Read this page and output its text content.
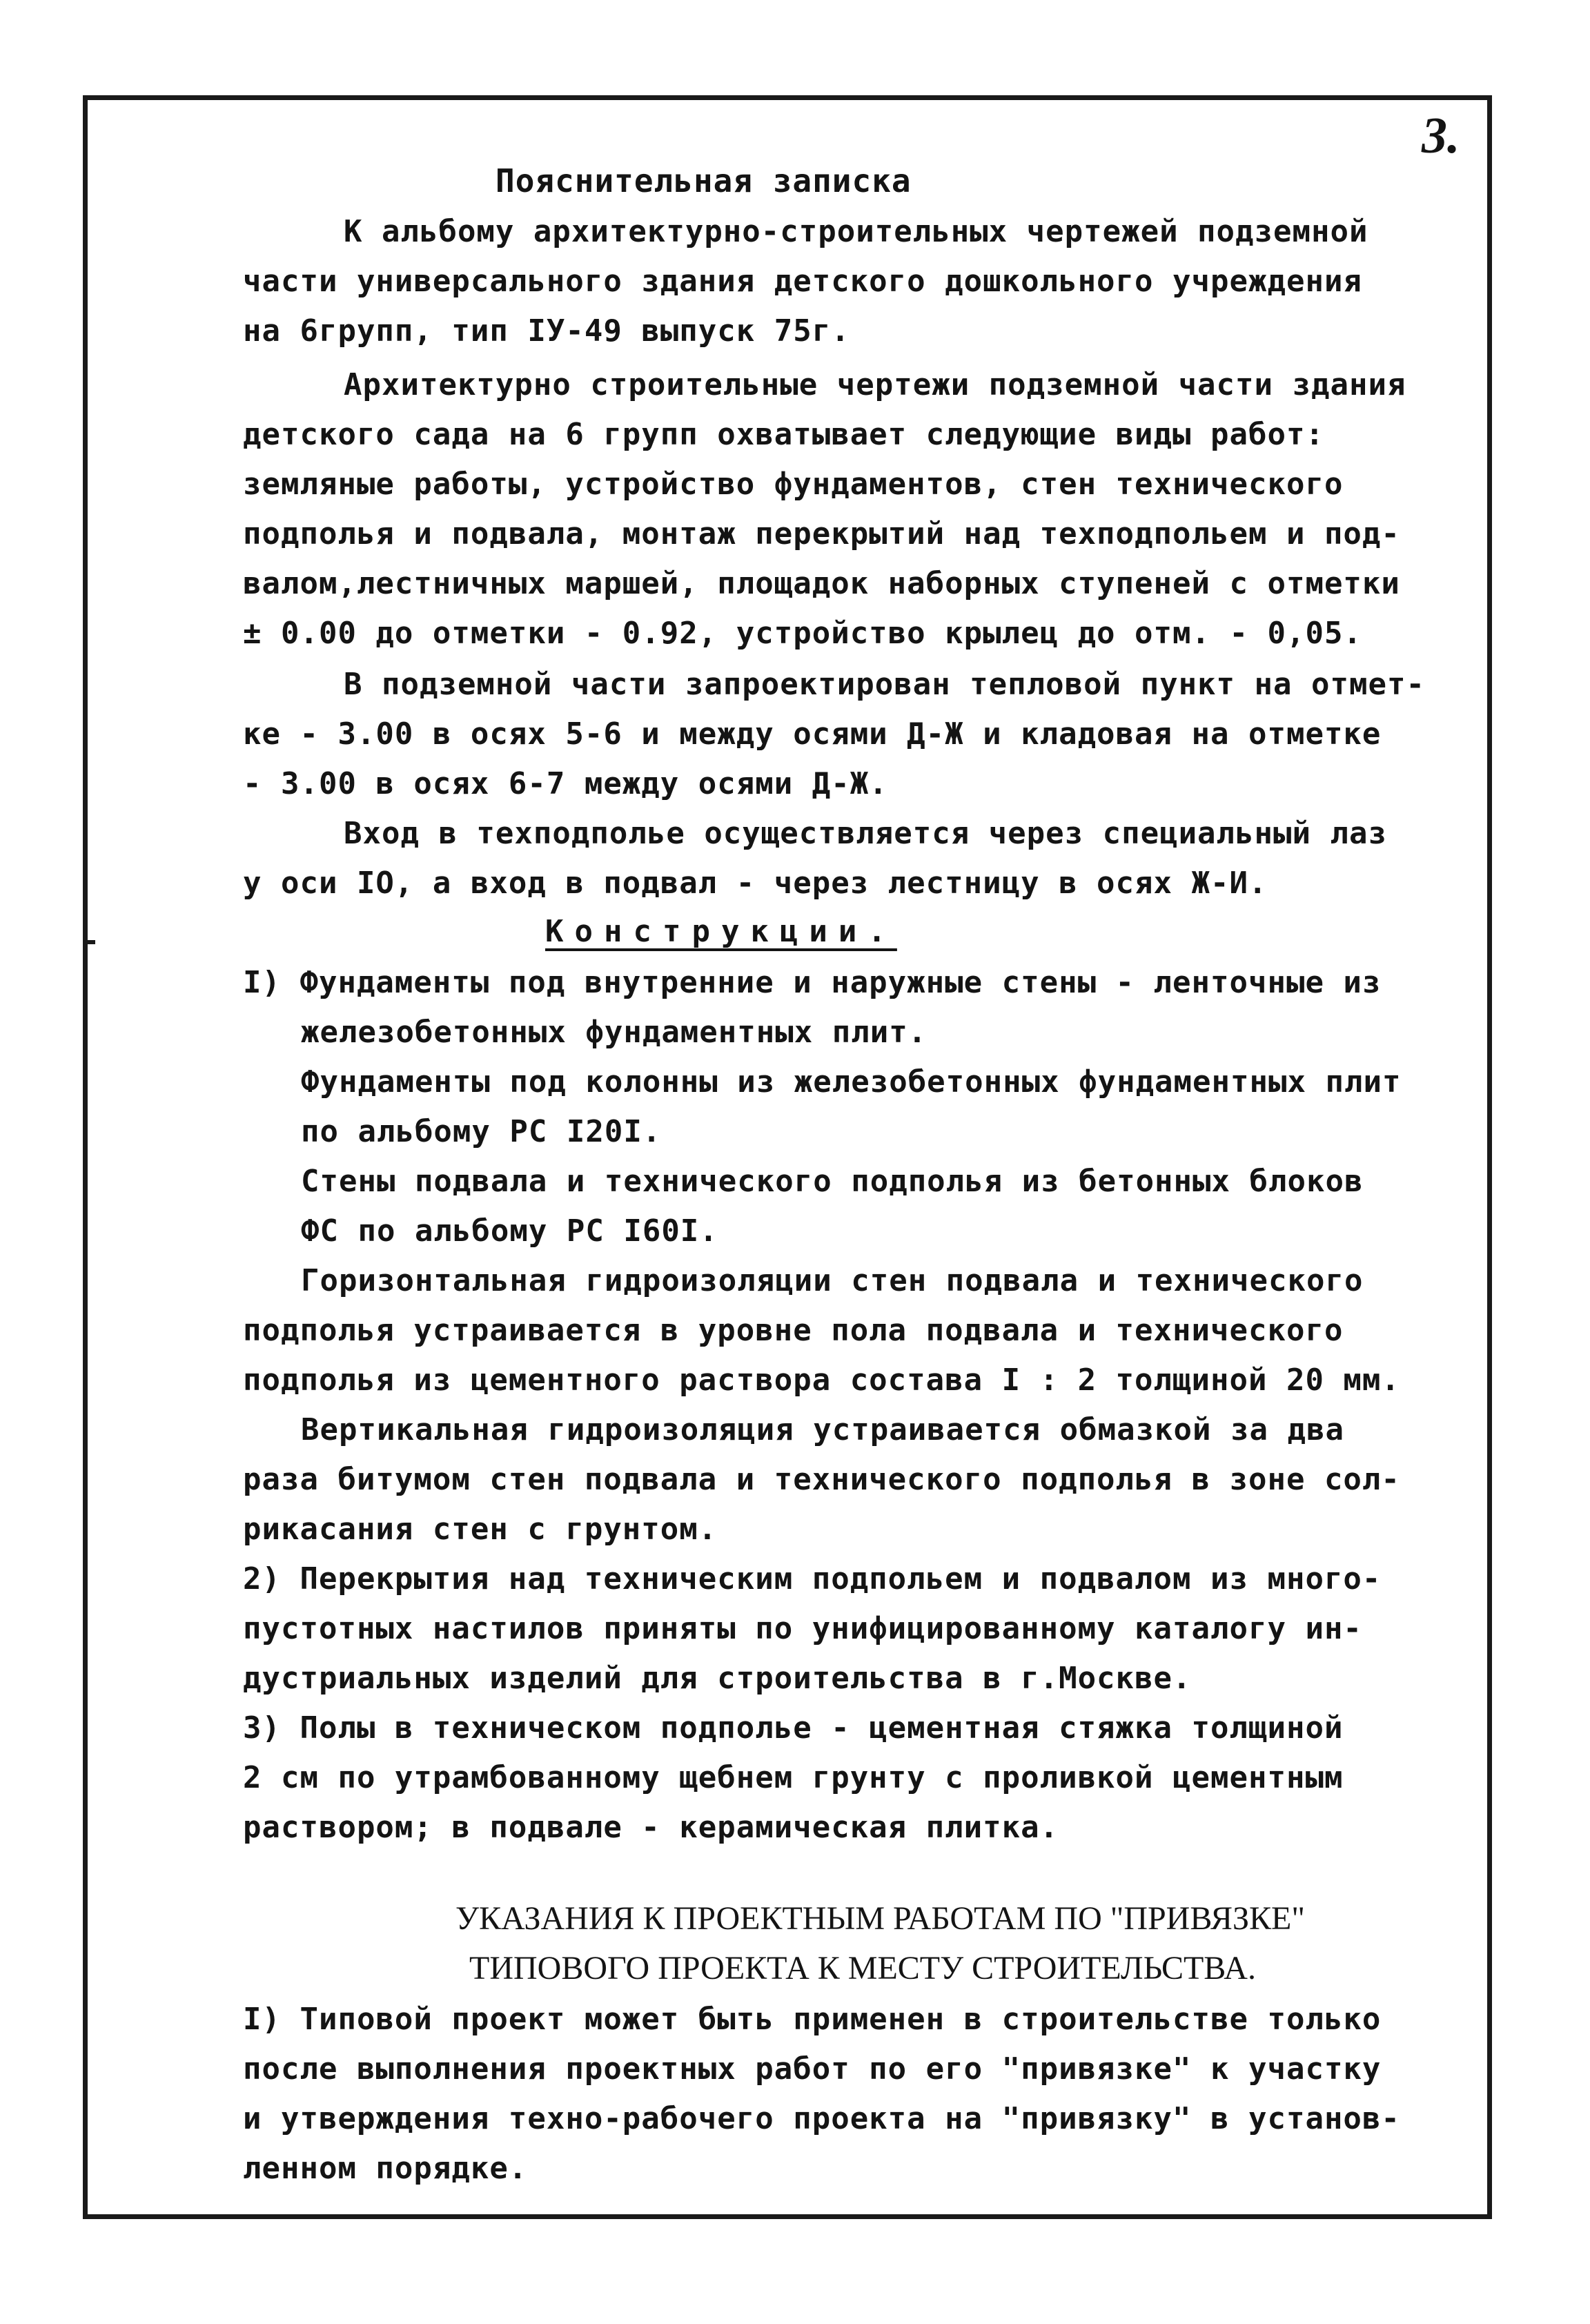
3.
Пояснительная записка
К альбому архитектурно-строительных чертежей подземной
части универсального здания детского дошкольного учреждения
на 6групп, тип IУ-49 выпуск 75г.
Архитектурно строительные чертежи подземной части здания
детского сада на 6 групп охватывает следующие виды работ:
земляные работы, устройство фундаментов, стен технического
подполья и подвала, монтаж перекрытий над техподпольем и под-
валом,лестничных маршей, площадок наборных ступеней с отметки
± 0.00 до отметки - 0.92, устройство крылец до отм. - 0,05.
В подземной части запроектирован тепловой пункт на отмет-
ке - 3.00 в осях 5-6 и между осями Д-Ж и кладовая на отметке
- 3.00 в осях 6-7 между осями Д-Ж.
Вход в техподполье осуществляется через специальный лаз
у оси IO, а вход в подвал - через лестницу в осях Ж-И.
Конструкции.
I) Фундаменты под внутренние и наружные стены - ленточные из
железобетонных фундаментных плит.
Фундаменты под колонны из железобетонных фундаментных плит
по альбому РС I20I.
Стены подвала и технического подполья из бетонных блоков
ФС по альбому РС I60I.
Горизонтальная гидроизоляции стен подвала и технического
подполья устраивается в уровне пола подвала и технического
подполья из цементного раствора состава I : 2 толщиной 20 мм.
Вертикальная гидроизоляция устраивается обмазкой за два
раза битумом стен подвала и технического подполья в зоне сол-
рикасания стен с грунтом.
2) Перекрытия над техническим подпольем и подвалом из много-
пустотных настилов приняты по унифицированному каталогу ин-
дустриальных изделий для строительства в г.Москве.
3) Полы в техническом подполье - цементная стяжка толщиной
2 см по утрамбованному щебнем грунту с проливкой цементным
раствором; в подвале - керамическая плитка.
УКАЗАНИЯ К ПРОЕКТНЫМ РАБОТАМ ПО "ПРИВЯЗКЕ"
ТИПОВОГО ПРОЕКТА К МЕСТУ СТРОИТЕЛЬСТВА.
I) Типовой проект может быть применен в строительстве только
после выполнения проектных работ по его "привязке" к участку
и утверждения техно-рабочего проекта на "привязку" в установ-
ленном порядке.
